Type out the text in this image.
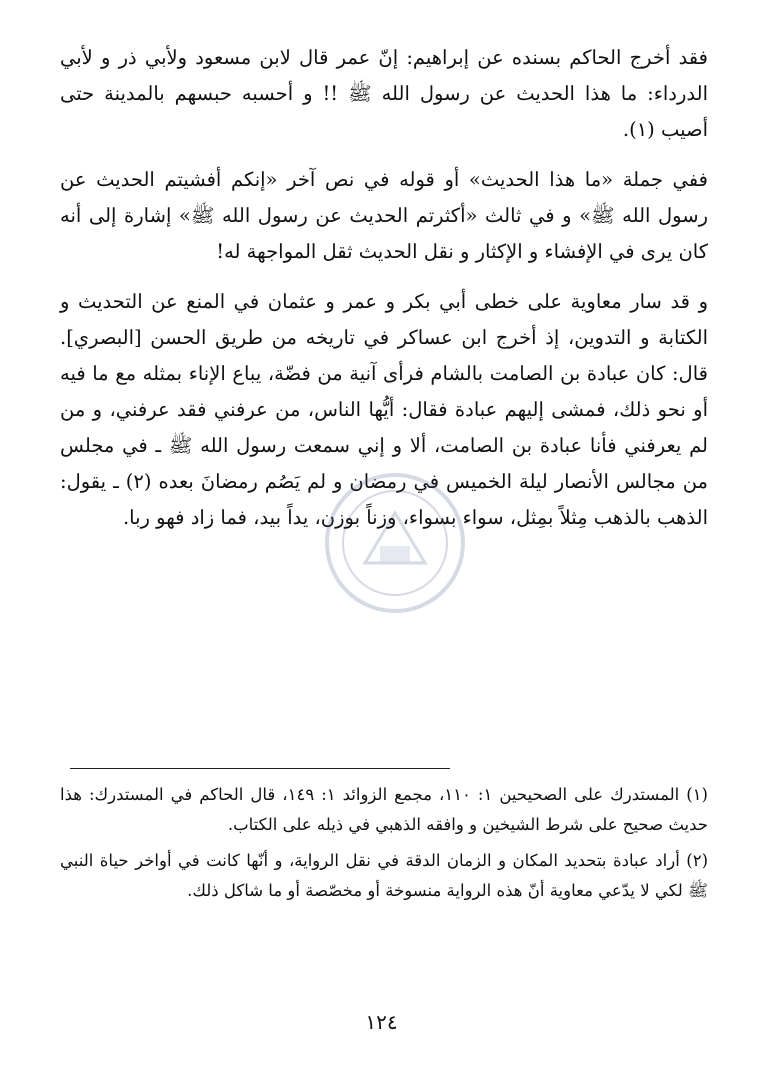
فقد أخرج الحاكم بسنده عن إبراهيم: إنّ عمر قال لابن مسعود ولأبي ذر و لأبي الدرداء: ما هذا الحديث عن رسول الله ﷺ !! و أحسبه حبسهم بالمدينة حتى أصيب (١).

ففي جملة «ما هذا الحديث» أو قوله في نص آخر «إنكم أفشيتم الحديث عن رسول الله ﷺ» و في ثالث «أكثرتم الحديث عن رسول الله ﷺ» إشارة إلى أنه كان يرى في الإفشاء و الإكثار و نقل الحديث ثقل المواجهة له!

و قد سار معاوية على خطى أبي بكر و عمر و عثمان في المنع عن التحديث و الكتابة و التدوين، إذ أخرج ابن عساكر في تاريخه من طريق الحسن [البصري]. قال: كان عبادة بن الصامت بالشام فرأى آنية من فضّة، يباع الإناء بمثله مع ما فيه أو نحو ذلك، فمشى إليهم عبادة فقال: أيُّها الناس، من عرفني فقد عرفني، و من لم يعرفني فأنا عبادة بن الصامت، ألا و إني سمعت رسول الله ﷺ ـ في مجلس من مجالس الأنصار ليلة الخميس في رمضان و لم يَصُم رمضانَ بعده (٢) ـ يقول: الذهب بالذهب مِثلاً بمِثل، سواء بسواء، وزناً بوزن، يداً بيد، فما زاد فهو ربا.

(١) المستدرك على الصحيحين ١: ١١٠، مجمع الزوائد ١: ١٤٩، قال الحاكم في المستدرك: هذا حديث صحيح على شرط الشيخين و وافقه الذهبي في ذيله على الكتاب.

(٢) أراد عبادة بتحديد المكان و الزمان الدقة في نقل الرواية، و أنّها كانت في أواخر حياة النبي ﷺ لكي لا يدّعي معاوية أنّ هذه الرواية منسوخة أو مخصّصة أو ما شاكل ذلك.

١٢٤
